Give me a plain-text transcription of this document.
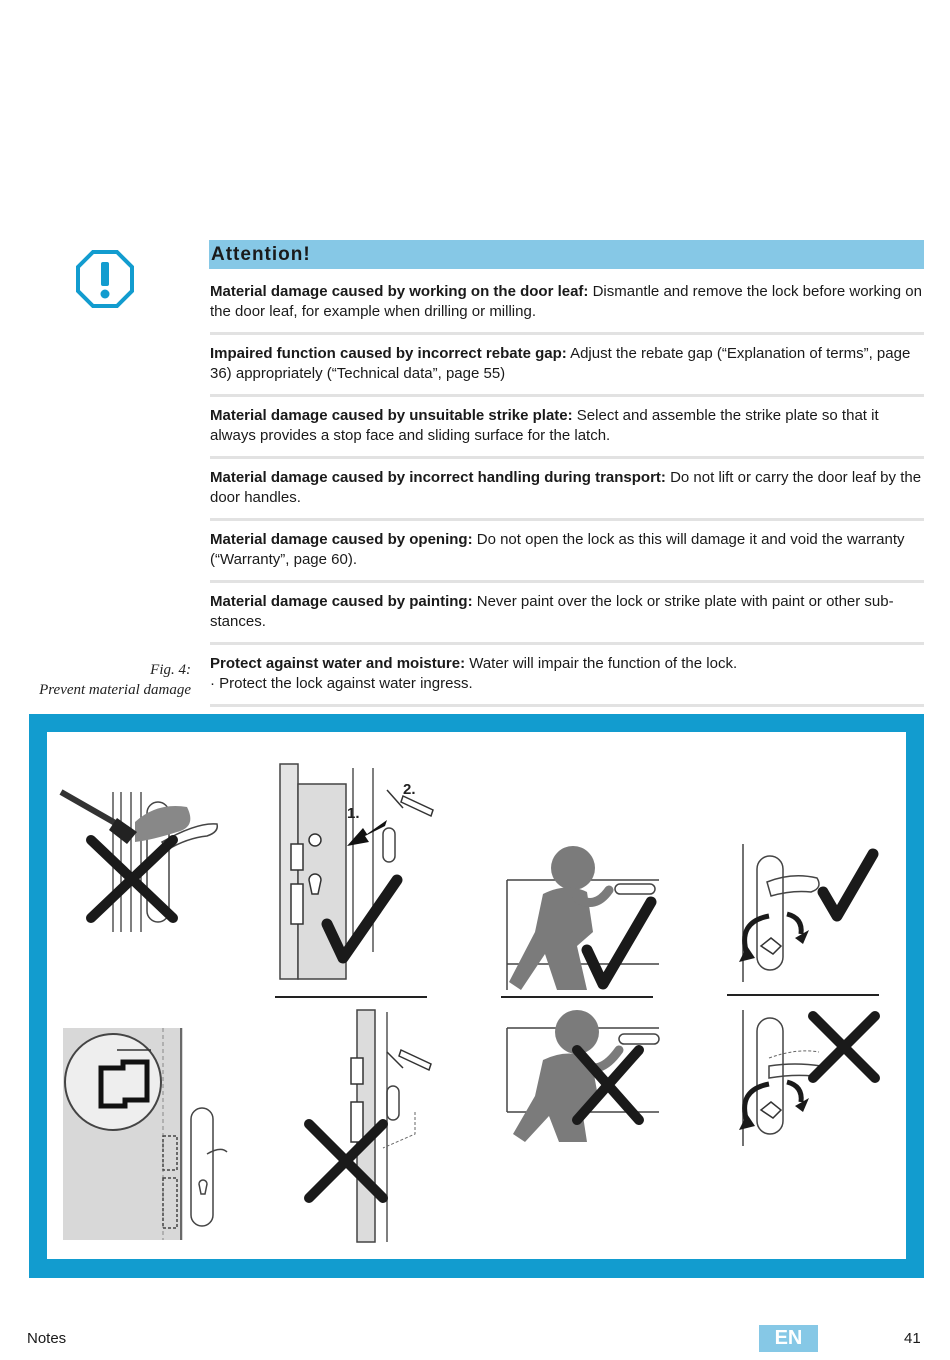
Attention!
Material damage caused by working on the door leaf: Dismantle and remove the lock before working on the door leaf, for example when drilling or milling.
Impaired function caused by incorrect rebate gap: Adjust the rebate gap (“Explanation of terms”, page 36) appropriately (“Technical data”, page 55)
Material damage caused by unsuitable strike plate: Select and assemble the strike plate so that it always provides a stop face and sliding surface for the latch.
Material damage caused by incorrect handling during transport: Do not lift or carry the door leaf by the door handles.
Material damage caused by opening: Do not open the lock as this will damage it and void the warranty (“Warranty”, page 60).
Material damage caused by painting: Never paint over the lock or strike plate with paint or other sub-stances.
Protect against water and moisture: Water will impair the function of the lock.
· Protect the lock against water ingress.
Fig. 4:
Prevent material damage
1.
2.
Notes	EN	41
